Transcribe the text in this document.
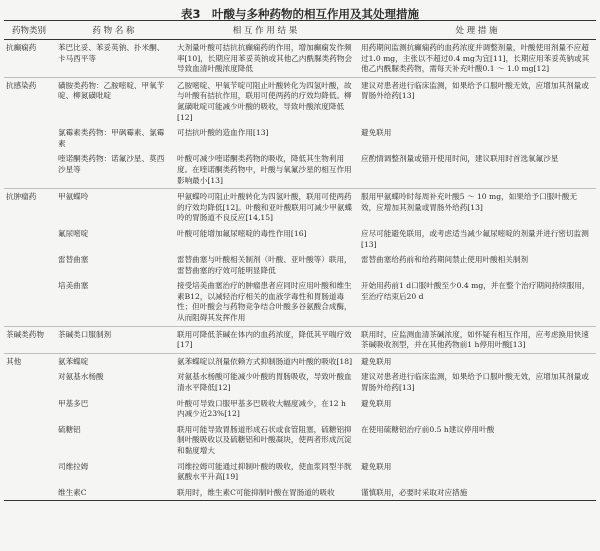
表3　叶酸与多种药物的相互作用及其处理措施
药物类别	药 物 名 称	相 互 作 用 结 果	处 理 措 施
抗癫痫药	苯巴比妥、苯妥英钠、扑米酮、卡马西平等	大剂量叶酸可拮抗抗癫痫药的作用，增加癫痫发作频率[10]，长期应用苯妥英钠或其他乙内酰脲类药物会导致血清叶酸浓度降低	用药期间监测抗癫痫药的血药浓度并调整剂量，叶酸使用剂量不应超过1.0 mg，主张以不超过0.4 mg为宜[11]，长期应用苯妥英钠或其他乙内酰脲类药物，需每天补充叶酸0.1 ～ 1.0 mg[12]
抗感染药	磺胺类药物：乙胺嘧啶、甲氧苄啶、柳氮磺吡啶	乙胺嘧啶、甲氧苄啶可阻止叶酸转化为四氢叶酸，故与叶酸有拮抗作用，联用可使两药的疗效均降低。柳氮磺吡啶可能减少叶酸的吸收，导致叶酸浓度降低[12]	建议对患者进行临床监测，如果给予口服叶酸无效，应增加其剂量或胃肠外给药[13]
	氯霉素类药物：甲砜霉素、氯霉素	可拮抗叶酸的造血作用[13]	避免联用
	喹诺酮类药物：诺氟沙星、莫西沙星等	叶酸可减少喹诺酮类药物的吸收，降低其生物利用度。在喹诺酮类药物中，叶酸与氧氟沙星的相互作用影响最小[13]	应酌情调整剂量或错开使用时间，建议联用时首选氧氟沙星
抗肿瘤药	甲氨蝶呤	甲氨蝶呤可阻止叶酸转化为四氢叶酸，联用可使两药的疗效均降低[12]。叶酸和亚叶酸联用可减少甲氨蝶呤的胃肠道不良反应[14,15]	服用甲氨蝶呤时每周补充叶酸5 ～ 10 mg，如果给予口服叶酸无效，应增加其剂量或胃肠外给药[13]
	氟尿嘧啶	叶酸可能增加氟尿嘧啶的毒性作用[16]	应尽可能避免联用，或考虑适当减少氟尿嘧啶的剂量并进行密切监测[13]
	雷替曲塞	雷替曲塞与叶酸相关制剂（叶酸、亚叶酸等）联用，雷替曲塞的疗效可能明显降低	雷替曲塞给药前和给药期间禁止使用叶酸相关制剂
	培美曲塞	接受培美曲塞治疗的肿瘤患者应同时应用叶酸和维生素B12，以减轻治疗相关的血液学毒性和胃肠道毒性；但叶酸会与药物竞争结合叶酸多谷氨酸合成酶，从而阻碍其发挥作用	开始用药前1 d口服叶酸至少0.4 mg，并在整个治疗期间持续服用，至治疗结束后20 d
茶碱类药物	茶碱类口服制剂	联用可降低茶碱在体内的血药浓度，降低其平喘疗效[17]	联用时，应监测血清茶碱浓度，如怀疑有相互作用，应考虑换用快速茶碱吸收剂型，并在其他药物前1 h停用叶酸[13]
其他	氨苯蝶啶	氨苯蝶啶以剂量依赖方式抑制肠道内叶酸的吸收[18]	避免联用
	对氨基水杨酸	对氨基水杨酸可能减少叶酸的胃肠吸收，导致叶酸血清水平降低[12]	建议对患者进行临床监测，如果给予口服叶酸无效，应增加其剂量或胃肠外给药[13]
	甲基多巴	叶酸可导致口服甲基多巴吸收大幅度减少，在12 h内减少近23%[12]	避免联用
	硫糖铝	联用可能导致胃肠道形成石状或食管阻塞，硫糖铝抑制叶酸吸收以及硫糖铝和叶酸凝块，使两者形成沉淀和黏度增大	在使用硫糖铝治疗前0.5 h建议停用叶酸
	司维拉姆	司维拉姆可能通过抑制叶酸的吸收，使血浆同型半胱氨酸水平升高[19]	避免联用
	维生素C	联用时，维生素C可能抑制叶酸在胃肠道的吸收	谨慎联用，必要时采取对应措施
